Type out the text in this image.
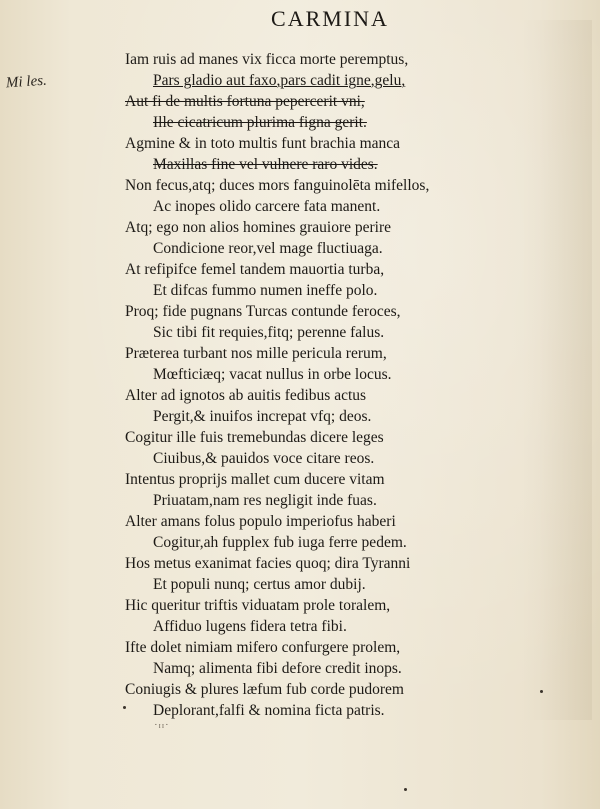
CARMINA
Mi les.
Iam ruis ad manes vix ficca morte peremptus,
Pars gladio aut faxo,pars cadit igne,gelu,
Aut fi de multis fortuna pepercerit vni,
Ille cicatricum plurima figna gerit.
Agmine & in toto multis funt brachia manca
Maxillas fine vel vulnere raro vides.
Non fecus,atq; duces mors fanguinolēta mifellos,
Ac inopes olido carcere fata manent.
Atq; ego non alios homines grauiore perire
Condicione reor,vel mage fluctiuaga.
At refipifce femel tandem mauortia turba,
Et difcas fummo numen ineffe polo.
Proq; fide pugnans Turcas contunde feroces,
Sic tibi fit requies,fitq; perenne falus.
Præterea turbant nos mille pericula rerum,
Mœfticiæq; vacat nullus in orbe locus.
Alter ad ignotos ab auitis fedibus actus
Pergit,& inuifos increpat vfq; deos.
Cogitur ille fuis tremebundas dicere leges
Ciuibus,& pauidos voce citare reos.
Intentus proprijs mallet cum ducere vitam
Priuatam,nam res negligit inde fuas.
Alter amans folus populo imperiofus haberi
Cogitur,ah fupplex fub iuga ferre pedem.
Hos metus exanimat facies quoq; dira Tyranni
Et populi nunq; certus amor dubij.
Hic queritur triftis viduatam prole toralem,
Affiduo lugens fidera tetra fibi.
Ifte dolet nimiam mifero confurgere prolem,
Namq; alimenta fibi defore credit inops.
Coniugis & plures læfum fub corde pudorem
Deplorant,falfi & nomina ficta patris.
˙ᴵᴵ˙
